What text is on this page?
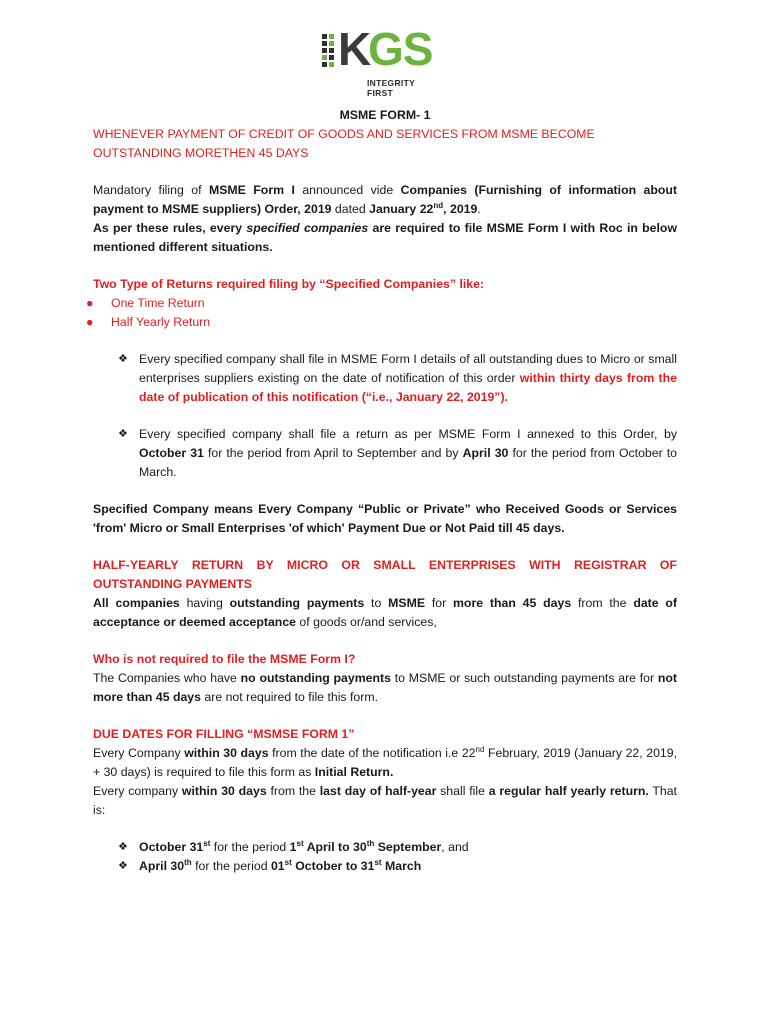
K
GS
INTEGRITY FIRST

MSME FORM- 1

WHENEVER PAYMENT OF CREDIT OF GOODS AND SERVICES FROM MSME BECOME OUTSTANDING MORETHEN 45 DAYS

Mandatory filing of MSME Form I announced vide Companies (Furnishing of information about payment to MSME suppliers) Order, 2019 dated January 22nd, 2019.

As per these rules, every specified companies are required to file MSME Form I with Roc in below mentioned different situations.

Two Type of Returns required filing by “Specified Companies” like:

● One Time Return
● Half Yearly Return
❖ Every specified company shall file in MSME Form I details of all outstanding dues to Micro or small enterprises suppliers existing on the date of notification of this order within thirty days from the date of publication of this notification (“i.e., January 22, 2019”).
❖ Every specified company shall file a return as per MSME Form I annexed to this Order, by October 31 for the period from April to September and by April 30 for the period from October to March.

Specified Company means Every Company “Public or Private” who Received Goods or Services 'from' Micro or Small Enterprises 'of which' Payment Due or Not Paid till 45 days.

HALF-YEARLY RETURN BY MICRO OR SMALL ENTERPRISES WITH REGISTRAR OF OUTSTANDING PAYMENTS

All companies having outstanding payments to MSME for more than 45 days from the date of acceptance or deemed acceptance of goods or/and services,

Who is not required to file the MSME Form I?

The Companies who have no outstanding payments to MSME or such outstanding payments are for not more than 45 days are not required to file this form.

DUE DATES FOR FILLING “MSMSE FORM 1”

Every Company within 30 days from the date of the notification i.e 22nd February, 2019 (January 22, 2019, + 30 days) is required to file this form as Initial Return.

Every company within 30 days from the last day of half-year shall file a regular half yearly return. That is:

❖ October 31st for the period 1st April to 30th September, and
❖ April 30th for the period 01st October to 31st March
